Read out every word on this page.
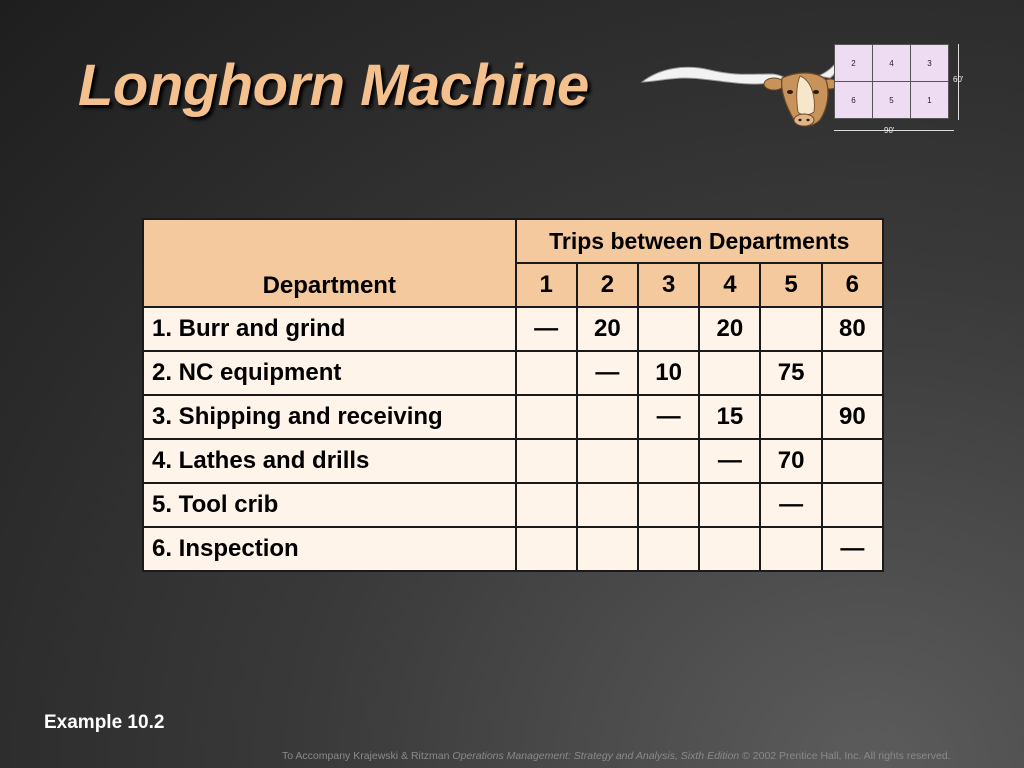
Longhorn Machine	2	4	3
6	5	1
60'
90'
Department	Trips between Departments					
	1	2	3	4	5	6
1. Burr and grind	—	20		20		80
2. NC equipment		—	10		75	
3. Shipping and receiving			—	15		90
4. Lathes and drills				—	70	
5. Tool crib					—	
6. Inspection						—
Example 10.2
To Accompany Krajewski & Ritzman Operations Management: Strategy and Analysis, Sixth Edition © 2002 Prentice Hall, Inc. All rights reserved.
